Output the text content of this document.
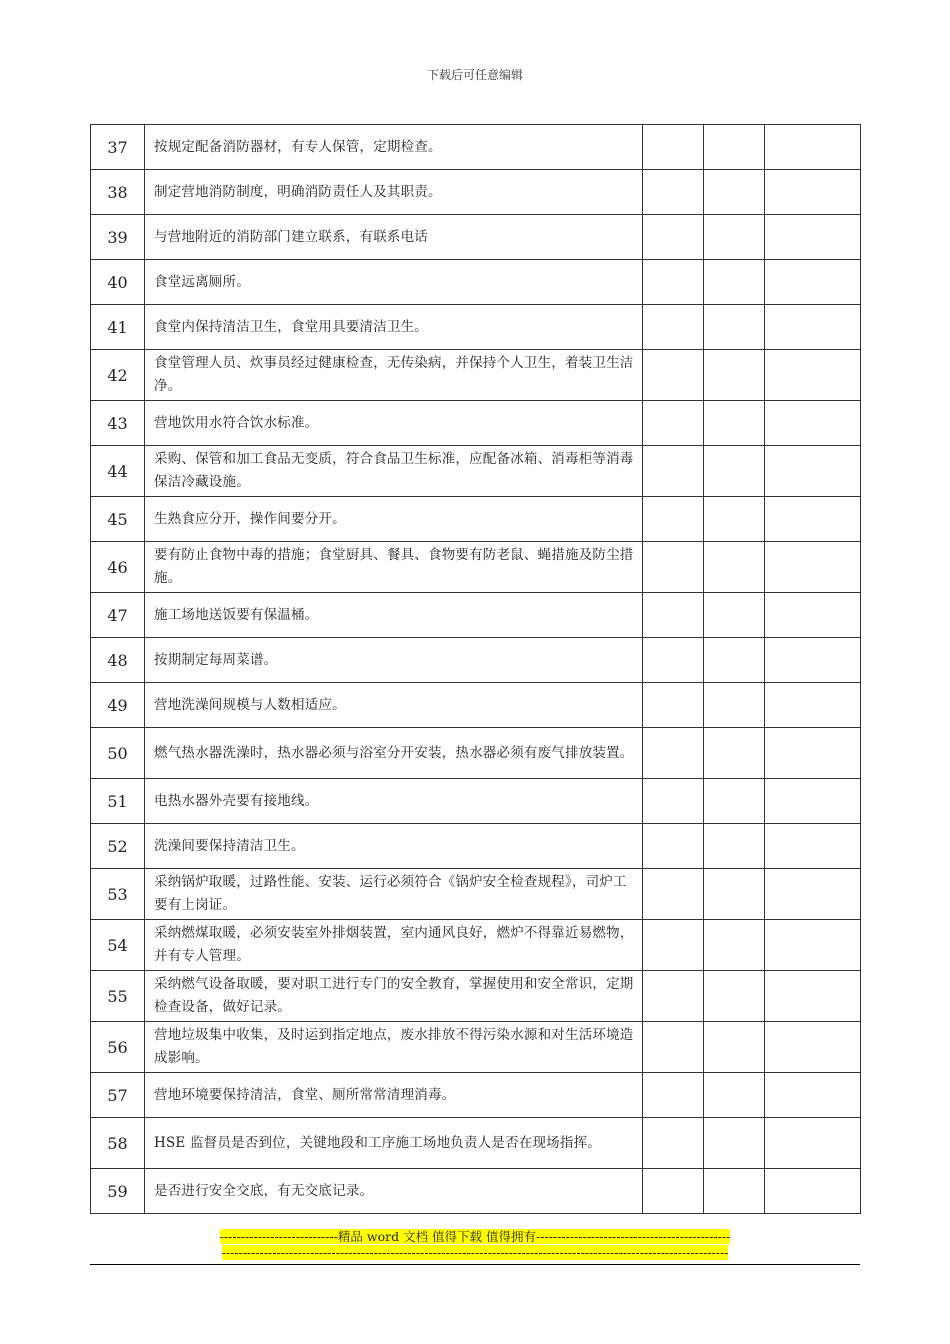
下载后可任意编辑
37	按规定配备消防器材，有专人保管，定期检查。			
38	制定营地消防制度，明确消防责任人及其职责。			
39	与营地附近的消防部门建立联系，有联系电话			
40	食堂远离厕所。			
41	食堂内保持清洁卫生，食堂用具要清洁卫生。			
42	食堂管理人员、炊事员经过健康检查，无传染病，并保持个人卫生，着装卫生洁净。			
43	营地饮用水符合饮水标准。			
44	采购、保管和加工食品无变质，符合食品卫生标准，应配备冰箱、消毒柜等消毒保洁冷藏设施。			
45	生熟食应分开，操作间要分开。			
46	要有防止食物中毒的措施；食堂厨具、餐具、食物要有防老鼠、蝇措施及防尘措施。			
47	施工场地送饭要有保温桶。			
48	按期制定每周菜谱。			
49	营地洗澡间规模与人数相适应。			
50	燃气热水器洗澡时，热水器必须与浴室分开安装，热水器必须有废气排放装置。			
51	电热水器外壳要有接地线。			
52	洗澡间要保持清洁卫生。			
53	采纳锅炉取暖，过路性能、安装、运行必须符合《锅炉安全检查规程》，司炉工要有上岗证。			
54	采纳燃煤取暖，必须安装室外排烟装置，室内通风良好，燃炉不得靠近易燃物，并有专人管理。			
55	采纳燃气设备取暖，要对职工进行专门的安全教育，掌握使用和安全常识，定期检查设备，做好记录。			
56	营地垃圾集中收集，及时运到指定地点，废水排放不得污染水源和对生活环境造成影响。			
57	营地环境要保持清洁，食堂、厕所常常清理消毒。			
58	HSE 监督员是否到位，关键地段和工序施工场地负责人是否在现场指挥。			
59	是否进行安全交底，有无交底记录。			
----------------------------精品 word 文档 值得下载 值得拥有----------------------------------------------
------------------------------------------------------------------------------------------------------------------------
